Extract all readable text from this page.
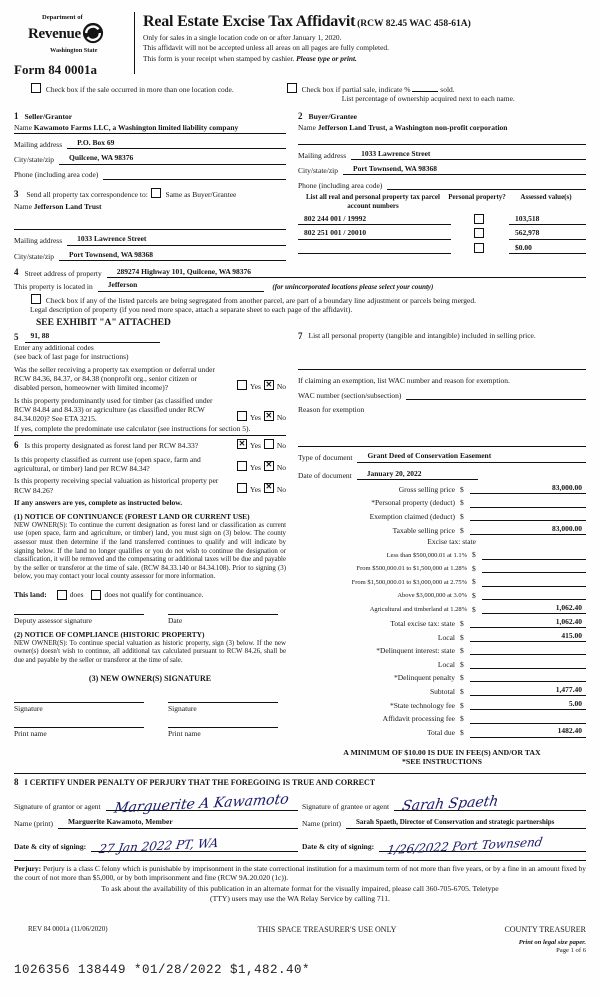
Department of
Revenue
Washington State
Form 84 0001a
Real Estate Excise Tax Affidavit (RCW 82.45 WAC 458-61A)
Only for sales in a single location code on or after January 1, 2020.
This affidavit will not be accepted unless all areas on all pages are fully completed.
This form is your receipt when stamped by cashier. Please type or print.
Check box if the sale occurred in more than one location code.	Check box if partial sale, indicate %	sold.
List percentage of ownership acquired next to each name.
1 Seller/Grantor
Name Kawamoto Farms LLC, a Washington limited liability company
Mailing address	P.O. Box 69
City/state/zip	Quilcene, WA 98376
Phone (including area code)
3 Send all property tax correspondence to: Same as Buyer/Grantee
Name Jefferson Land Trust
Mailing address	1033 Lawrence Street
City/state/zip	Port Townsend, WA 98368
2 Buyer/Grantee
Name Jefferson Land Trust, a Washington non-profit corporation
Mailing address	1033 Lawrence Street
City/state/zip	Port Townsend, WA 98368
Phone (including area code)
List all real and personal property tax parcel account numbers
Personal property?	Assessed value(s)
802 244 001 / 19992	103,518
802 251 001 / 20010	562,978
$0.00
4 Street address of property	289274 Highway 101, Quilcene, WA 98376
This property is located in	Jefferson	(for unincorporated locations please select your county)
Check box if any of the listed parcels are being segregated from another parcel, are part of a boundary line adjustment or parcels being merged.
Legal description of property (if you need more space, attach a separate sheet to each page of the affidavit).
SEE EXHIBIT "A" ATTACHED
5	91, 88
Enter any additional codes
(see back of last page for instructions)
Was the seller receiving a property tax exemption or deferral under RCW 84.36, 84.37, or 84.38 (nonprofit org., senior citizen or disabled person, homeowner with limited income)?	Yes ✕ No
Is this property predominantly used for timber (as classified under RCW 84.84 and 84.33) or agriculture (as classified under RCW 84.34.020)? See ETA 3215.	Yes ✕ No
If yes, complete the predominate use calculator (see instructions for section 5).
6 Is this property designated as forest land per RCW 84.33?	✕ Yes No
Is this property classified as current use (open space, farm and agricultural, or timber) land per RCW 84.34?	Yes ✕ No
Is this property receiving special valuation as historical property per RCW 84.26?	Yes ✕ No
If any answers are yes, complete as instructed below.
(1) NOTICE OF CONTINUANCE (FOREST LAND OR CURRENT USE)
NEW OWNER(S): To continue the current designation as forest land or classification as current use (open space, farm and agriculture, or timber) land, you must sign on (3) below. The county assessor must then determine if the land transferred continues to qualify and will indicate by signing below. If the land no longer qualifies or you do not wish to continue the designation or classification, it will be removed and the compensating or additional taxes will be due and payable by the seller or transferor at the time of sale. (RCW 84.33.140 or 84.34.108). Prior to signing (3) below, you may contact your local county assessor for more information.
This land:	does	does not qualify for continuance.
Deputy assessor signature	Date
(2) NOTICE OF COMPLIANCE (HISTORIC PROPERTY)
NEW OWNER(S): To continue special valuation as historic property, sign (3) below. If the new owner(s) doesn't wish to continue, all additional tax calculated pursuant to RCW 84.26, shall be due and payable by the seller or transferor at the time of sale.
(3) NEW OWNER(S) SIGNATURE
Signature	Signature
Print name	Print name
7 List all personal property (tangible and intangible) included in selling price.
If claiming an exemption, list WAC number and reason for exemption.
WAC number (section/subsection)
Reason for exemption
Type of document	Grant Deed of Conservation Easement
Date of document	January 20, 2022
Gross selling price $	83,000.00
*Personal property (deduct) $
Exemption claimed (deduct) $
Taxable selling price $	83,000.00
Excise tax: state
Less than $500,000.01 at 1.1% $
From $500,000.01 to $1,500,000 at 1.28% $
From $1,500,000.01 to $3,000,000 at 2.75% $
Above $3,000,000 at 3.0% $
Agricultural and timberland at 1.28% $	1,062.40
Total excise tax: state $	1,062.40
Local $	415.00
*Delinquent interest: state $
Local $
*Delinquent penalty $
Subtotal $	1,477.40
*State technology fee $	5.00
Affidavit processing fee $
Total due $	1482.40
A MINIMUM OF $10.00 IS DUE IN FEE(S) AND/OR TAX
*SEE INSTRUCTIONS
8 I CERTIFY UNDER PENALTY OF PERJURY THAT THE FOREGOING IS TRUE AND CORRECT
Signature of grantor or agent Marguerite A Kawamoto Signature of grantee or agent Sarah Spaeth
Name (print)	Marguerite Kawamoto, Member	Name (print)	Sarah Spaeth, Director of Conservation and strategic partnerships
Date & city of signing: 27 Jan 2022 PT, WA	Date & city of signing: 1/26/2022 Port Townsend
Perjury: Perjury is a class C felony which is punishable by imprisonment in the state correctional institution for a maximum term of not more than five years, or by a fine in an amount fixed by the court of not more than $5,000, or by both imprisonment and fine (RCW 9A.20.020 (1c)).
To ask about the availability of this publication in an alternate format for the visually impaired, please call 360-705-6705. Teletype
(TTY) users may use the WA Relay Service by calling 711.
REV 84 0001a (11/06/2020)	THIS SPACE TREASURER'S USE ONLY	COUNTY TREASURER
Print on legal size paper.
Page 1 of 6
1026356 138449 *01/28/2022 $1,482.40*
